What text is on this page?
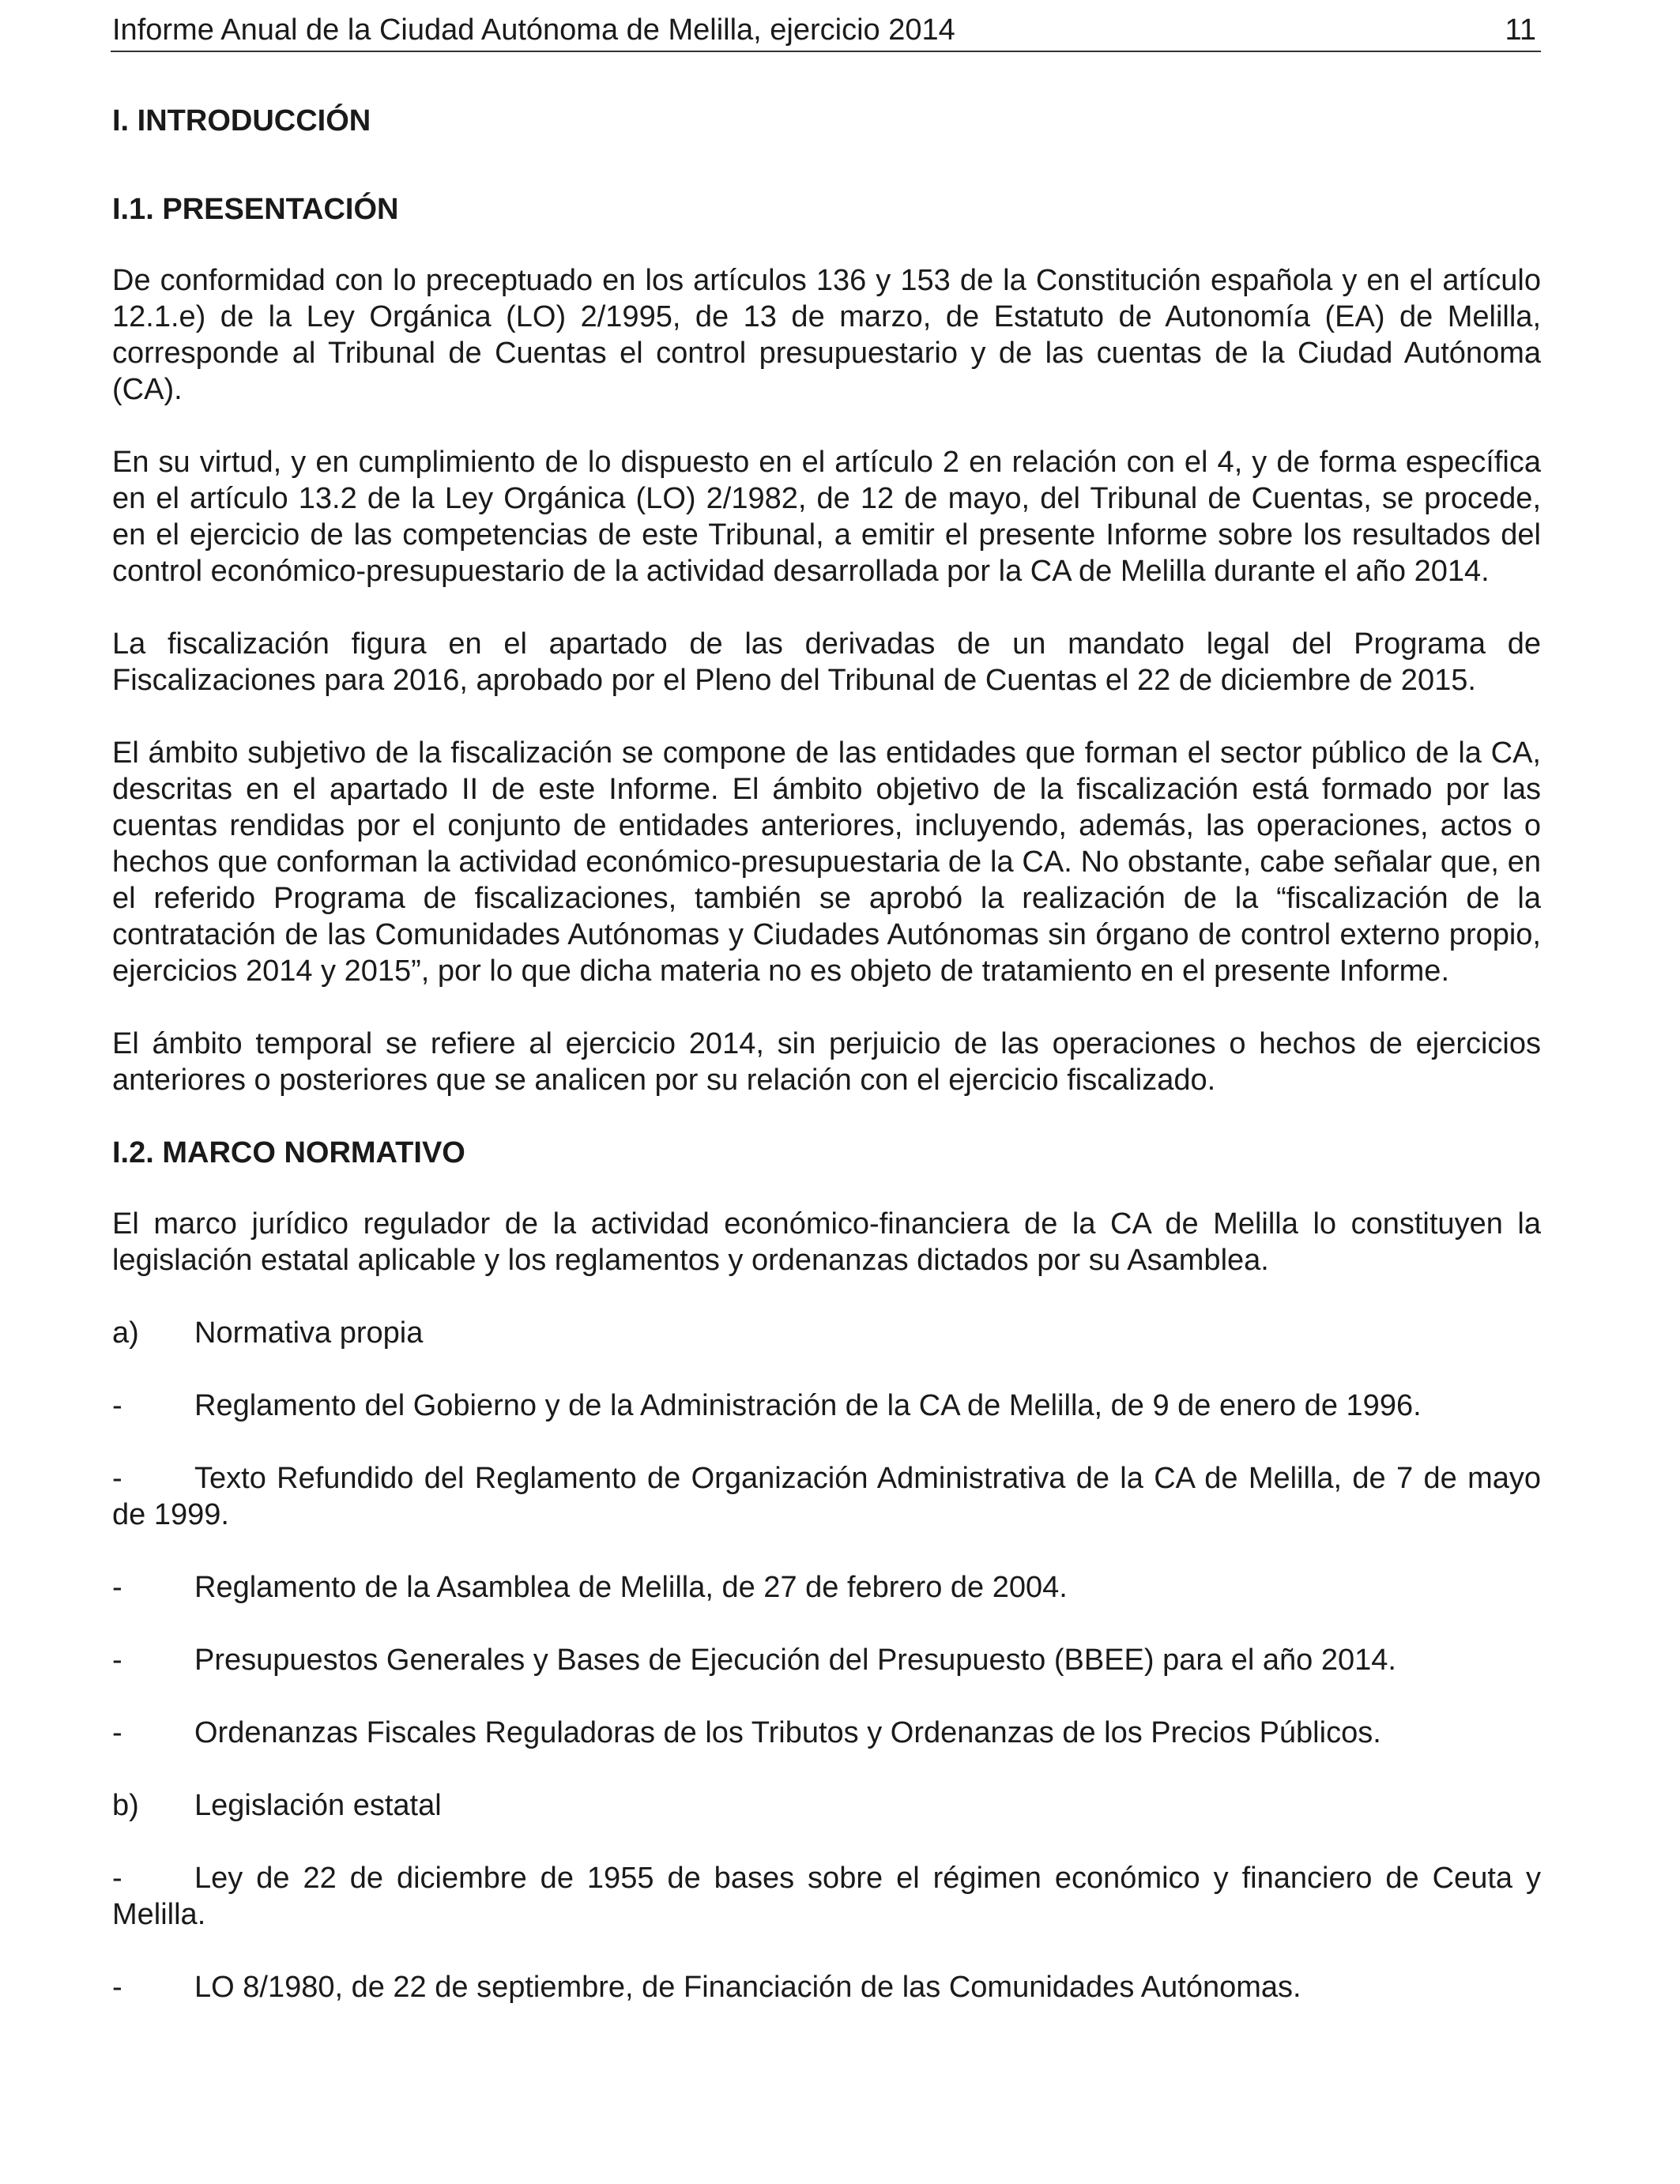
Informe Anual de la Ciudad Autónoma de Melilla, ejercicio 2014	11
I. INTRODUCCIÓN
I.1. PRESENTACIÓN

De conformidad con lo preceptuado en los artículos 136 y 153 de la Constitución española y en el artículo 12.1.e) de la Ley Orgánica (LO) 2/1995, de 13 de marzo, de Estatuto de Autonomía (EA) de Melilla, corresponde al Tribunal de Cuentas el control presupuestario y de las cuentas de la Ciudad Autónoma (CA).

En su virtud, y en cumplimiento de lo dispuesto en el artículo 2 en relación con el 4, y de forma específica en el artículo 13.2 de la Ley Orgánica (LO) 2/1982, de 12 de mayo, del Tribunal de Cuentas, se procede, en el ejercicio de las competencias de este Tribunal, a emitir el presente Informe sobre los resultados del control económico-presupuestario de la actividad desarrollada por la CA de Melilla durante el año 2014.

La fiscalización figura en el apartado de las derivadas de un mandato legal del Programa de Fiscalizaciones para 2016, aprobado por el Pleno del Tribunal de Cuentas el 22 de diciembre de 2015.

El ámbito subjetivo de la fiscalización se compone de las entidades que forman el sector público de la CA, descritas en el apartado II de este Informe. El ámbito objetivo de la fiscalización está formado por las cuentas rendidas por el conjunto de entidades anteriores, incluyendo, además, las operaciones, actos o hechos que conforman la actividad económico-presupuestaria de la CA. No obstante, cabe señalar que, en el referido Programa de fiscalizaciones, también se aprobó la realización de la “fiscalización de la contratación de las Comunidades Autónomas y Ciudades Autónomas sin órgano de control externo propio, ejercicios 2014 y 2015”, por lo que dicha materia no es objeto de tratamiento en el presente Informe.

El ámbito temporal se refiere al ejercicio 2014, sin perjuicio de las operaciones o hechos de ejercicios anteriores o posteriores que se analicen por su relación con el ejercicio fiscalizado.

I.2. MARCO NORMATIVO

El marco jurídico regulador de la actividad económico-financiera de la CA de Melilla lo constituyen la legislación estatal aplicable y los reglamentos y ordenanzas dictados por su Asamblea.

a) Normativa propia
- Reglamento del Gobierno y de la Administración de la CA de Melilla, de 9 de enero de 1996.
- Texto Refundido del Reglamento de Organización Administrativa de la CA de Melilla, de 7 de mayo de 1999.
- Reglamento de la Asamblea de Melilla, de 27 de febrero de 2004.
- Presupuestos Generales y Bases de Ejecución del Presupuesto (BBEE) para el año 2014.
- Ordenanzas Fiscales Reguladoras de los Tributos y Ordenanzas de los Precios Públicos.
b) Legislación estatal
- Ley de 22 de diciembre de 1955 de bases sobre el régimen económico y financiero de Ceuta y Melilla.
- LO 8/1980, de 22 de septiembre, de Financiación de las Comunidades Autónomas.
